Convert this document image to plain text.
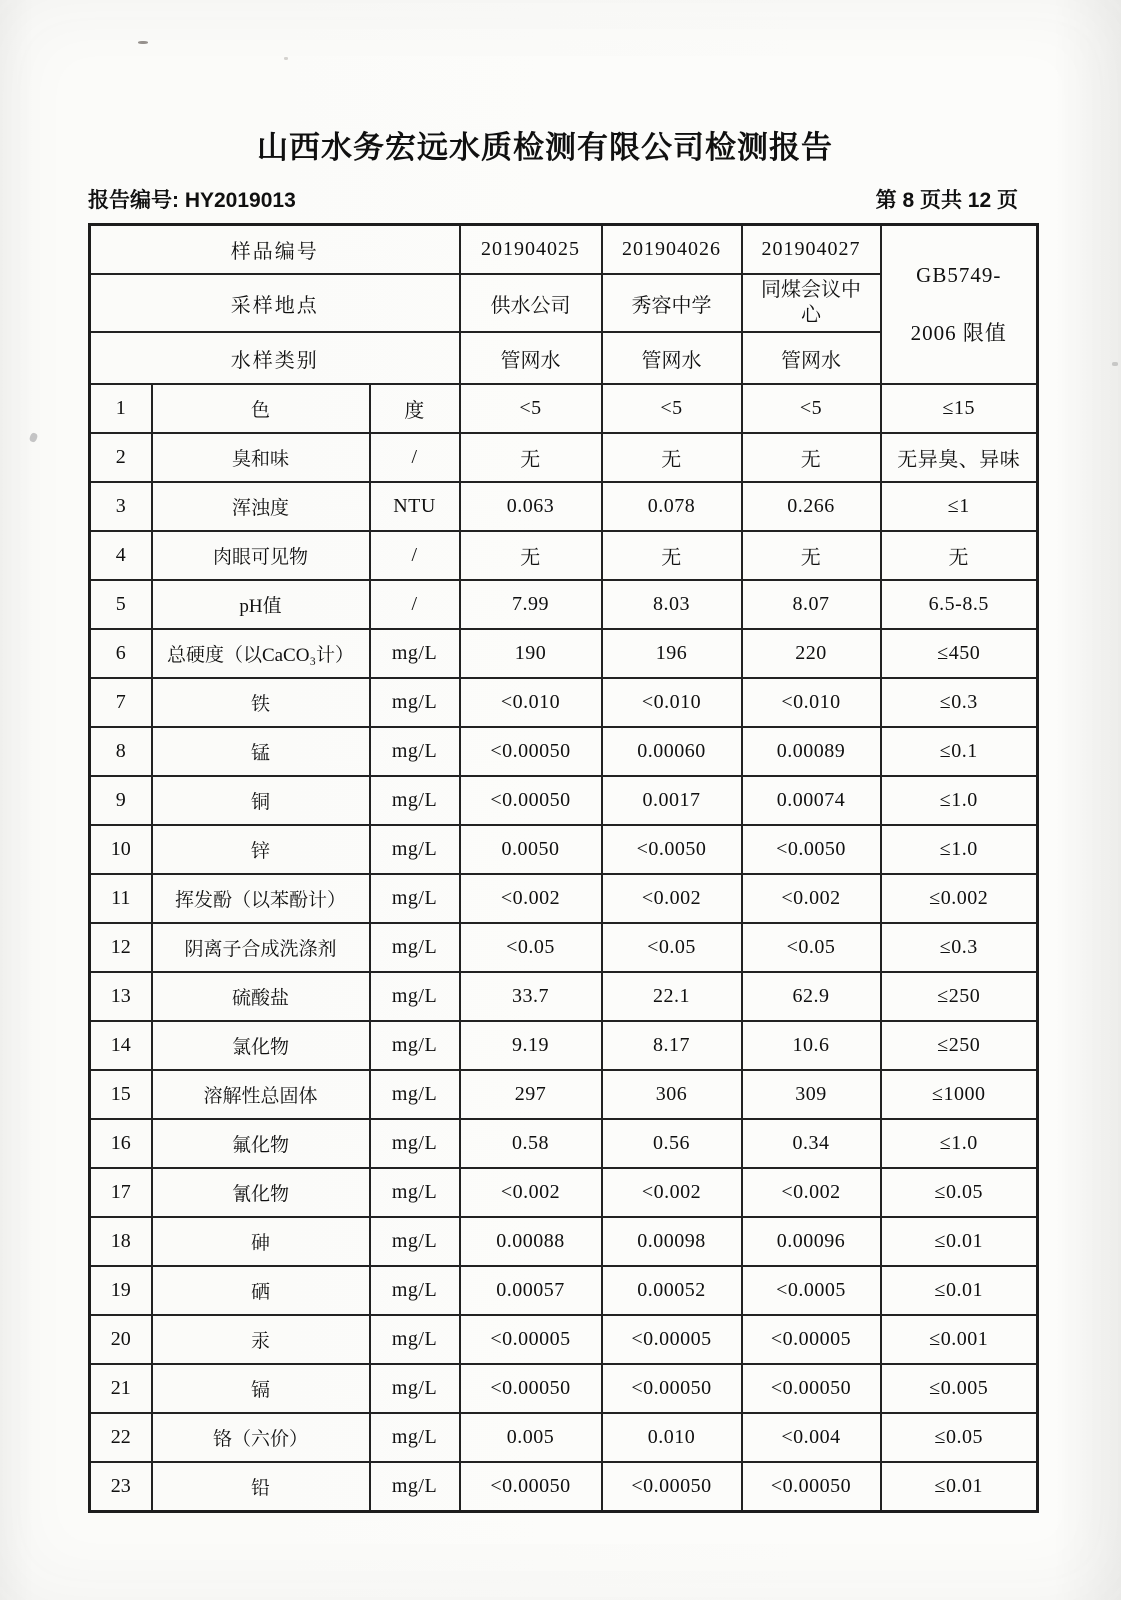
山西水务宏远水质检测有限公司检测报告
报告编号: HY2019013	第 8 页共 12 页
样品编号			201904025	201904026	201904027	GB5749-
2006 限值

采样地点			供水公司	秀容中学	同煤会议中心	
水样类别			管网水	管网水	管网水	
1	色	度	<5	<5	<5	≤15
2	臭和味	/	无	无	无	无异臭、异味
3	浑浊度	NTU	0.063	0.078	0.266	≤1
4	肉眼可见物	/	无	无	无	无
5	pH值	/	7.99	8.03	8.07	6.5-8.5
6	总硬度（以CaCO₃计）	mg/L	190	196	220	≤450
7	铁	mg/L	<0.010	<0.010	<0.010	≤0.3
8	锰	mg/L	<0.00050	0.00060	0.00089	≤0.1
9	铜	mg/L	<0.00050	0.0017	0.00074	≤1.0
10	锌	mg/L	0.0050	<0.0050	<0.0050	≤1.0
11	挥发酚（以苯酚计）	mg/L	<0.002	<0.002	<0.002	≤0.002
12	阴离子合成洗涤剂	mg/L	<0.05	<0.05	<0.05	≤0.3
13	硫酸盐	mg/L	33.7	22.1	62.9	≤250
14	氯化物	mg/L	9.19	8.17	10.6	≤250
15	溶解性总固体	mg/L	297	306	309	≤1000
16	氟化物	mg/L	0.58	0.56	0.34	≤1.0
17	氰化物	mg/L	<0.002	<0.002	<0.002	≤0.05
18	砷	mg/L	0.00088	0.00098	0.00096	≤0.01
19	硒	mg/L	0.00057	0.00052	<0.0005	≤0.01
20	汞	mg/L	<0.00005	<0.00005	<0.00005	≤0.001
21	镉	mg/L	<0.00050	<0.00050	<0.00050	≤0.005
22	铬（六价）	mg/L	0.005	0.010	<0.004	≤0.05
23	铅	mg/L	<0.00050	<0.00050	<0.00050	≤0.01
